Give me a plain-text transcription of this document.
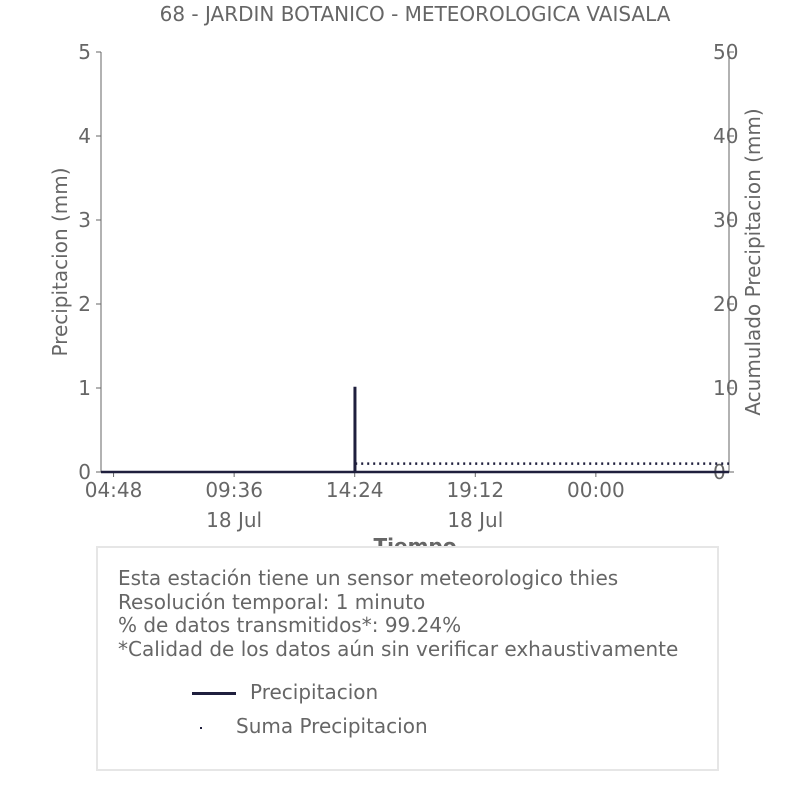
68 - JARDIN BOTANICO - METEOROLOGICA VAISALA
0
1
2
3
4
5
0
10
20
30
40
50
04:48	09:36
18 Jul
14:24	19:12
18 Jul
00:00
Precipitacion (mm)	Acumulado Precipitacion (mm)
Esta estación tiene un sensor meteorologico thies
Resolución temporal: 1 minuto
% de datos transmitidos*: 99.24%
*Calidad de los datos aún sin verificar exhaustivamente
Precipitacion
Suma Precipitacion
